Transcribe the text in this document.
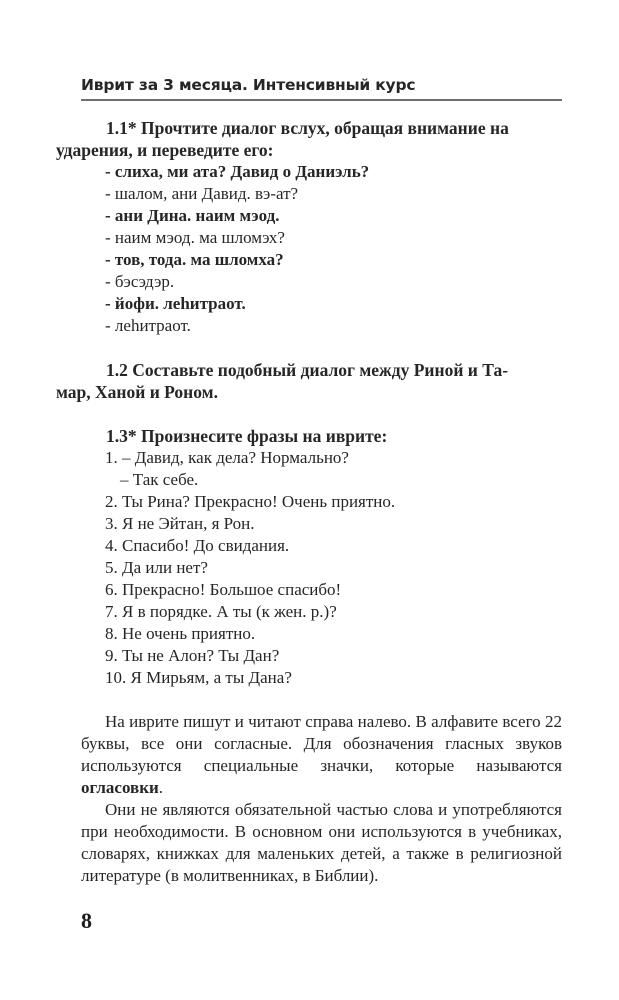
Иврит за 3 месяца. Интенсивный курс

1.1* Прочтите диалог вслух, обращая внимание на
ударения, и переведите его:

- слиха, ми ата? Давид о Даниэль?
- шалом, ани Давид. вэ-ат?
- ани Дина. наим мэод.
- наим мэод. ма шломэх?
- тов, тода. ма шломха?
- бэсэдэр.
- йофи. леhитраот.
- леhитраот.

1.2 Составьте подобный диалог между Риной и Та-
мар, Ханой и Роном.

1.3* Произнесите фразы на иврите:

1. – Давид, как дела? Нормально?
– Так себе.
2. Ты Рина? Прекрасно! Очень приятно.
3. Я не Эйтан, я Рон.
4. Спасибо! До свидания.
5. Да или нет?
6. Прекрасно! Большое спасибо!
7. Я в порядке. А ты (к жен. р.)?
8. Не очень приятно.
9. Ты не Алон? Ты Дан?
10. Я Мирьям, а ты Дана?

На иврите пишут и читают справа налево. В алфавите всего 22 буквы, все они согласные. Для обозначения гласных звуков используются специальные значки, которые называются огласовки.

Они не являются обязательной частью слова и употребляются при необходимости. В основном они используются в учебниках, словарях, книжках для маленьких детей, а также в религиозной литературе (в молитвенниках, в Библии).

8
